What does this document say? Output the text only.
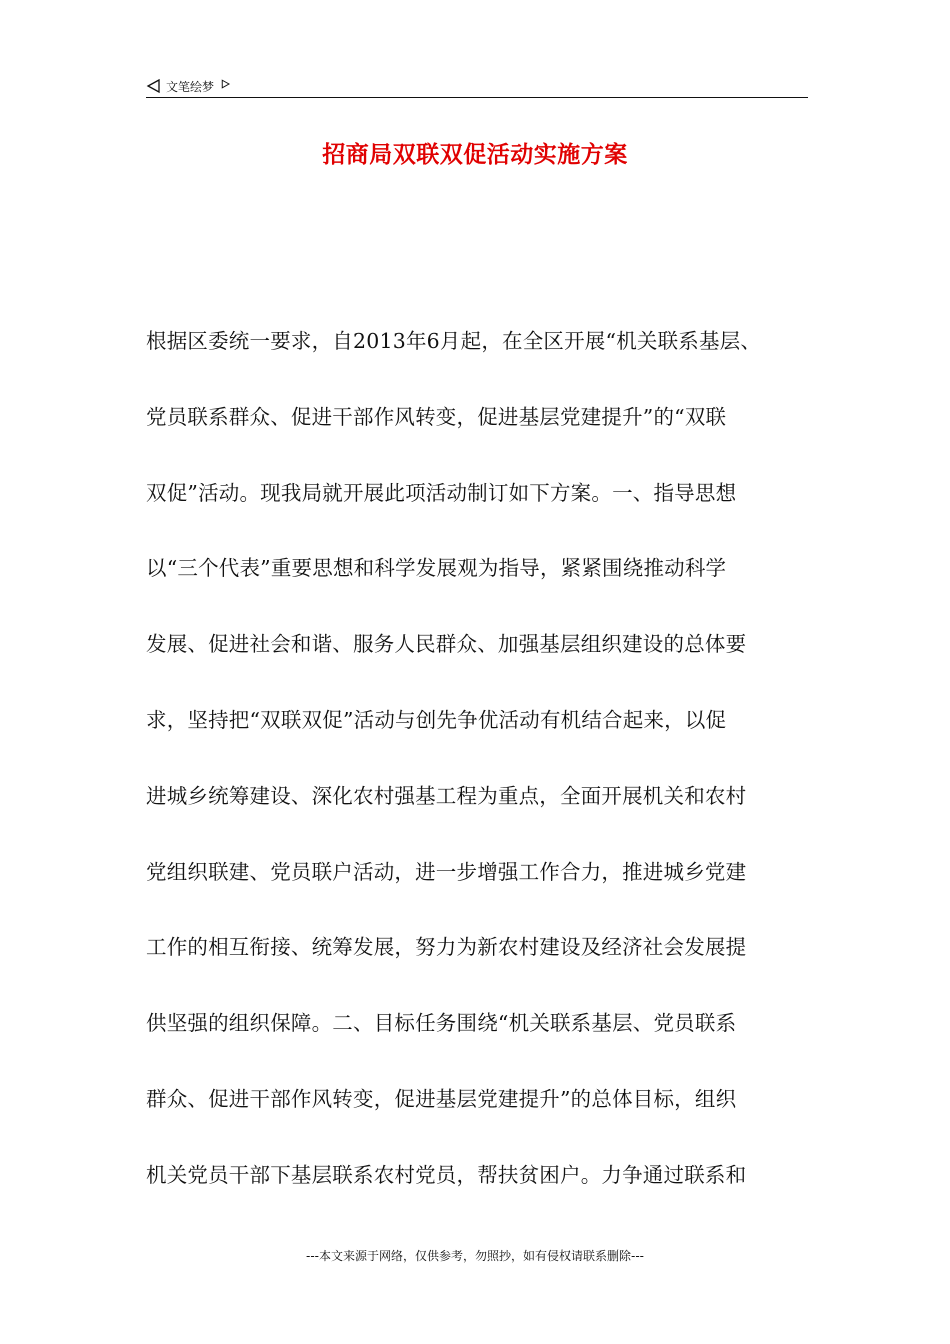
文笔绘梦
招商局双联双促活动实施方案
根据区委统一要求，自2013年6月起，在全区开展“机关联系基层、
党员联系群众、促进干部作风转变，促进基层党建提升”的“双联
双促”活动。现我局就开展此项活动制订如下方案。一、指导思想
以“三个代表”重要思想和科学发展观为指导，紧紧围绕推动科学
发展、促进社会和谐、服务人民群众、加强基层组织建设的总体要
求，坚持把“双联双促”活动与创先争优活动有机结合起来，以促
进城乡统筹建设、深化农村强基工程为重点，全面开展机关和农村
党组织联建、党员联户活动，进一步增强工作合力，推进城乡党建
工作的相互衔接、统筹发展，努力为新农村建设及经济社会发展提
供坚强的组织保障。二、目标任务围绕“机关联系基层、党员联系
群众、促进干部作风转变，促进基层党建提升”的总体目标，组织
机关党员干部下基层联系农村党员，帮扶贫困户。力争通过联系和
---本文来源于网络，仅供参考，勿照抄，如有侵权请联系删除---
